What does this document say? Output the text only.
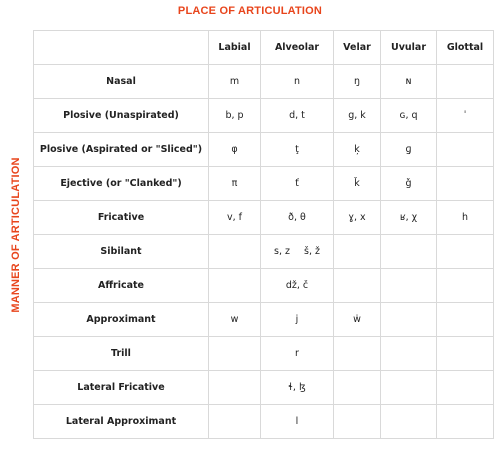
PLACE OF ARTICULATION
MANNER OF ARTICULATION
	Labial	Alveolar	Velar	Uvular	Glottal
Nasal	m	n	ŋ	ɴ	
Plosive (Unaspirated)	b, p	d, t	g, k	ɢ, q	ˈ
Plosive (Aspirated or "Sliced")	φ	ţ	ķ	ɡ̧	
Ejective (or "Clanked")	π	ť	ǩ	ǧ	
Fricative	v, f	ð, θ	ɣ, x	ʁ, χ	h
Sibilant		s, z š, ž			
Affricate		dž, č			
Approximant	w	j	ẇ		
Trill		r			
Lateral Fricative		ɬ, ɮ			
Lateral Approximant		l			
